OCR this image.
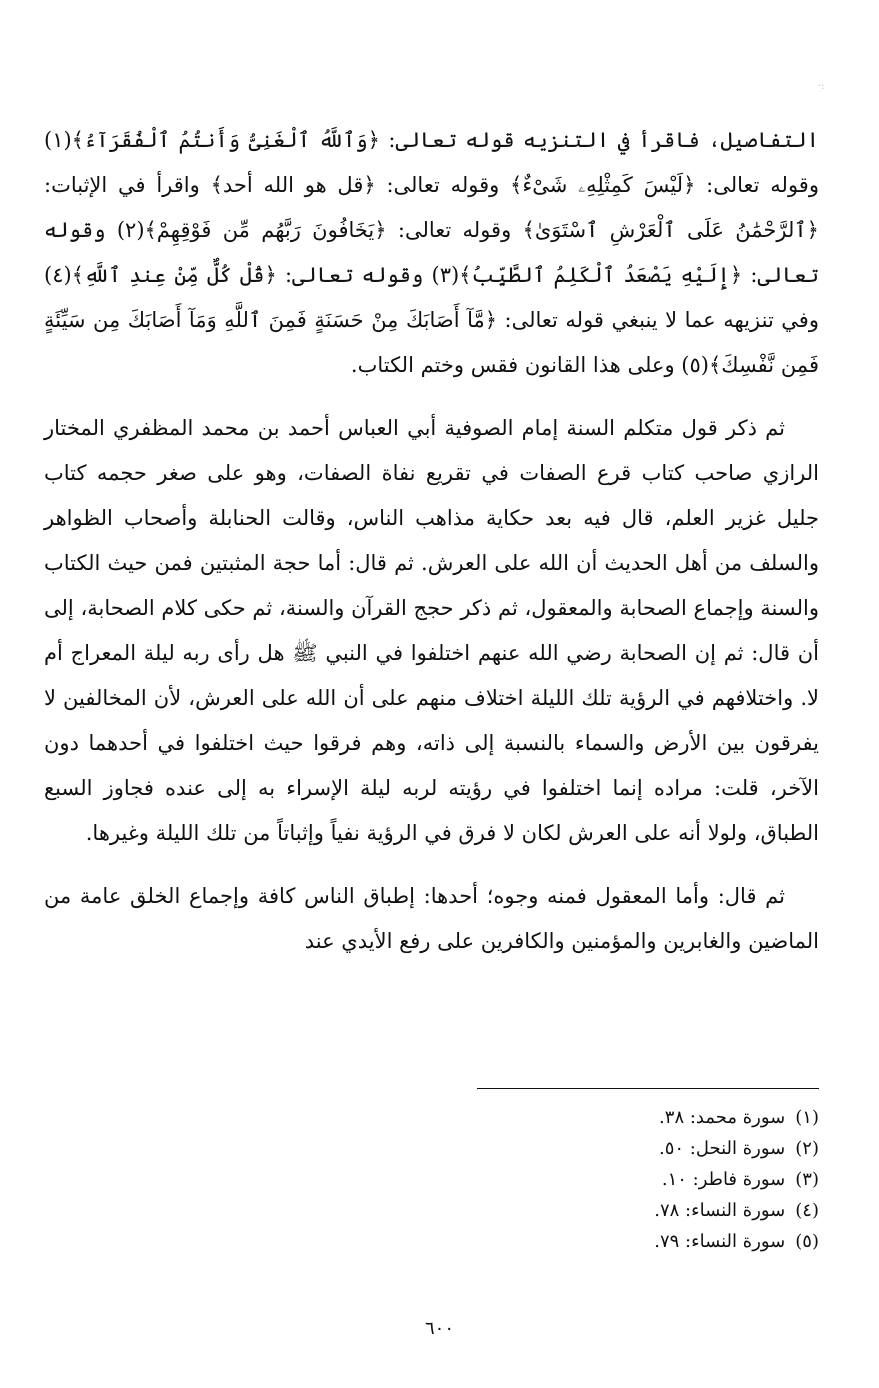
·:

التفاصيل، فاقرأ في التنزيه قوله تعالى: ﴿وَٱللَّهُ ٱلْغَنِىُّ وَأَنتُمُ ٱلْفُقَرَآءُ﴾(١) وقوله تعالى: ﴿لَيْسَ كَمِثْلِهِۦ شَىْءٌ﴾ وقوله تعالى: ﴿قل هو الله أحد﴾ واقرأ في الإثبات: ﴿ٱلرَّحْمَٰنُ عَلَى ٱلْعَرْشِ ٱسْتَوَىٰ﴾ وقوله تعالى: ﴿يَخَافُونَ رَبَّهُم مِّن فَوْقِهِمْ﴾(٢) وقوله تعالى: ﴿إِلَيْهِ يَصْعَدُ ٱلْكَلِمُ ٱلطَّيِّبُ﴾(٣) وقوله تعالى: ﴿قُلْ كُلٌّ مِّنْ عِندِ ٱللَّهِ﴾(٤) وفي تنزيهه عما لا ينبغي قوله تعالى: ﴿مَّآ أَصَابَكَ مِنْ حَسَنَةٍ فَمِنَ ٱللَّهِ وَمَآ أَصَابَكَ مِن سَيِّئَةٍ فَمِن نَّفْسِكَ﴾(٥) وعلى هذا القانون فقس وختم الكتاب.

ثم ذكر قول متكلم السنة إمام الصوفية أبي العباس أحمد بن محمد المظفري المختار الرازي صاحب كتاب قرع الصفات في تقريع نفاة الصفات، وهو على صغر حجمه كتاب جليل غزير العلم، قال فيه بعد حكاية مذاهب الناس، وقالت الحنابلة وأصحاب الظواهر والسلف من أهل الحديث أن الله على العرش. ثم قال: أما حجة المثبتين فمن حيث الكتاب والسنة وإجماع الصحابة والمعقول، ثم ذكر حجج القرآن والسنة، ثم حكى كلام الصحابة، إلى أن قال: ثم إن الصحابة رضي الله عنهم اختلفوا في النبي ﷺ هل رأى ربه ليلة المعراج أم لا. واختلافهم في الرؤية تلك الليلة اختلاف منهم على أن الله على العرش، لأن المخالفين لا يفرقون بين الأرض والسماء بالنسبة إلى ذاته، وهم فرقوا حيث اختلفوا في أحدهما دون الآخر، قلت: مراده إنما اختلفوا في رؤيته لربه ليلة الإسراء به إلى عنده فجاوز السبع الطباق، ولولا أنه على العرش لكان لا فرق في الرؤية نفياً وإثباتاً من تلك الليلة وغيرها.

ثم قال: وأما المعقول فمنه وجوه؛ أحدها: إطباق الناس كافة وإجماع الخلق عامة من الماضين والغابرين والمؤمنين والكافرين على رفع الأيدي عند

(١)سورة محمد: ٣٨.

(٢)سورة النحل: ٥٠.

(٣)سورة فاطر: ١٠.

(٤)سورة النساء: ٧٨.

(٥)سورة النساء: ٧٩.

٦٠٠
